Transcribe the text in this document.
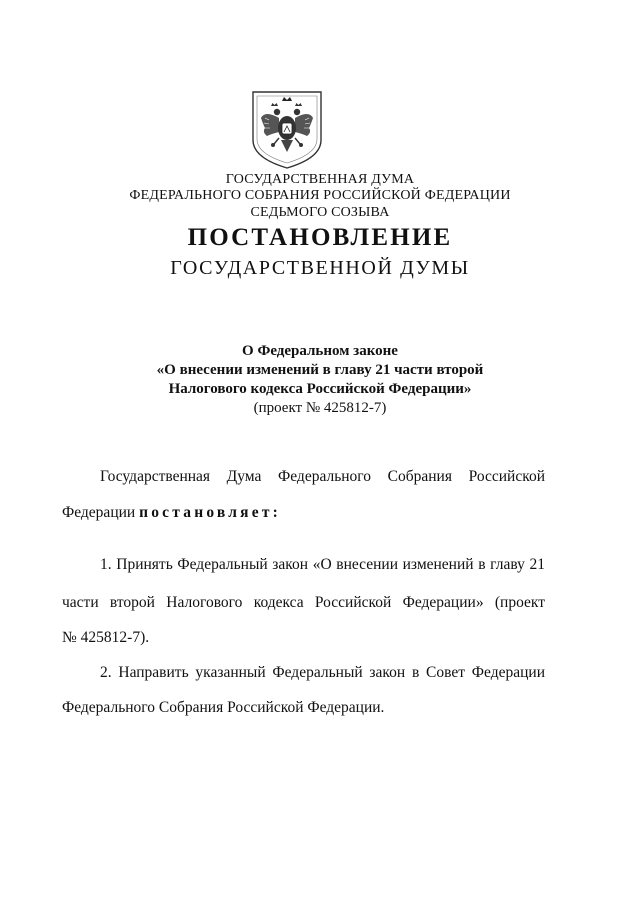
ГОСУДАРСТВЕННАЯ ДУМА
ФЕДЕРАЛЬНОГО СОБРАНИЯ РОССИЙСКОЙ ФЕДЕРАЦИИ
СЕДЬМОГО СОЗЫВА
ПОСТАНОВЛЕНИЕ
ГОСУДАРСТВЕННОЙ ДУМЫ
О Федеральном законе
«О внесении изменений в главу 21 части второй
Налогового кодекса Российской Федерации»
(проект № 425812-7)
Государственная Дума Федерального Собрания Российской
Федерации постановляет:
1. Принять Федеральный закон «О внесении изменений в главу 21
части второй Налогового кодекса Российской Федерации» (проект
№ 425812-7).
2. Направить указанный Федеральный закон в Совет Федерации
Федерального Собрания Российской Федерации.
